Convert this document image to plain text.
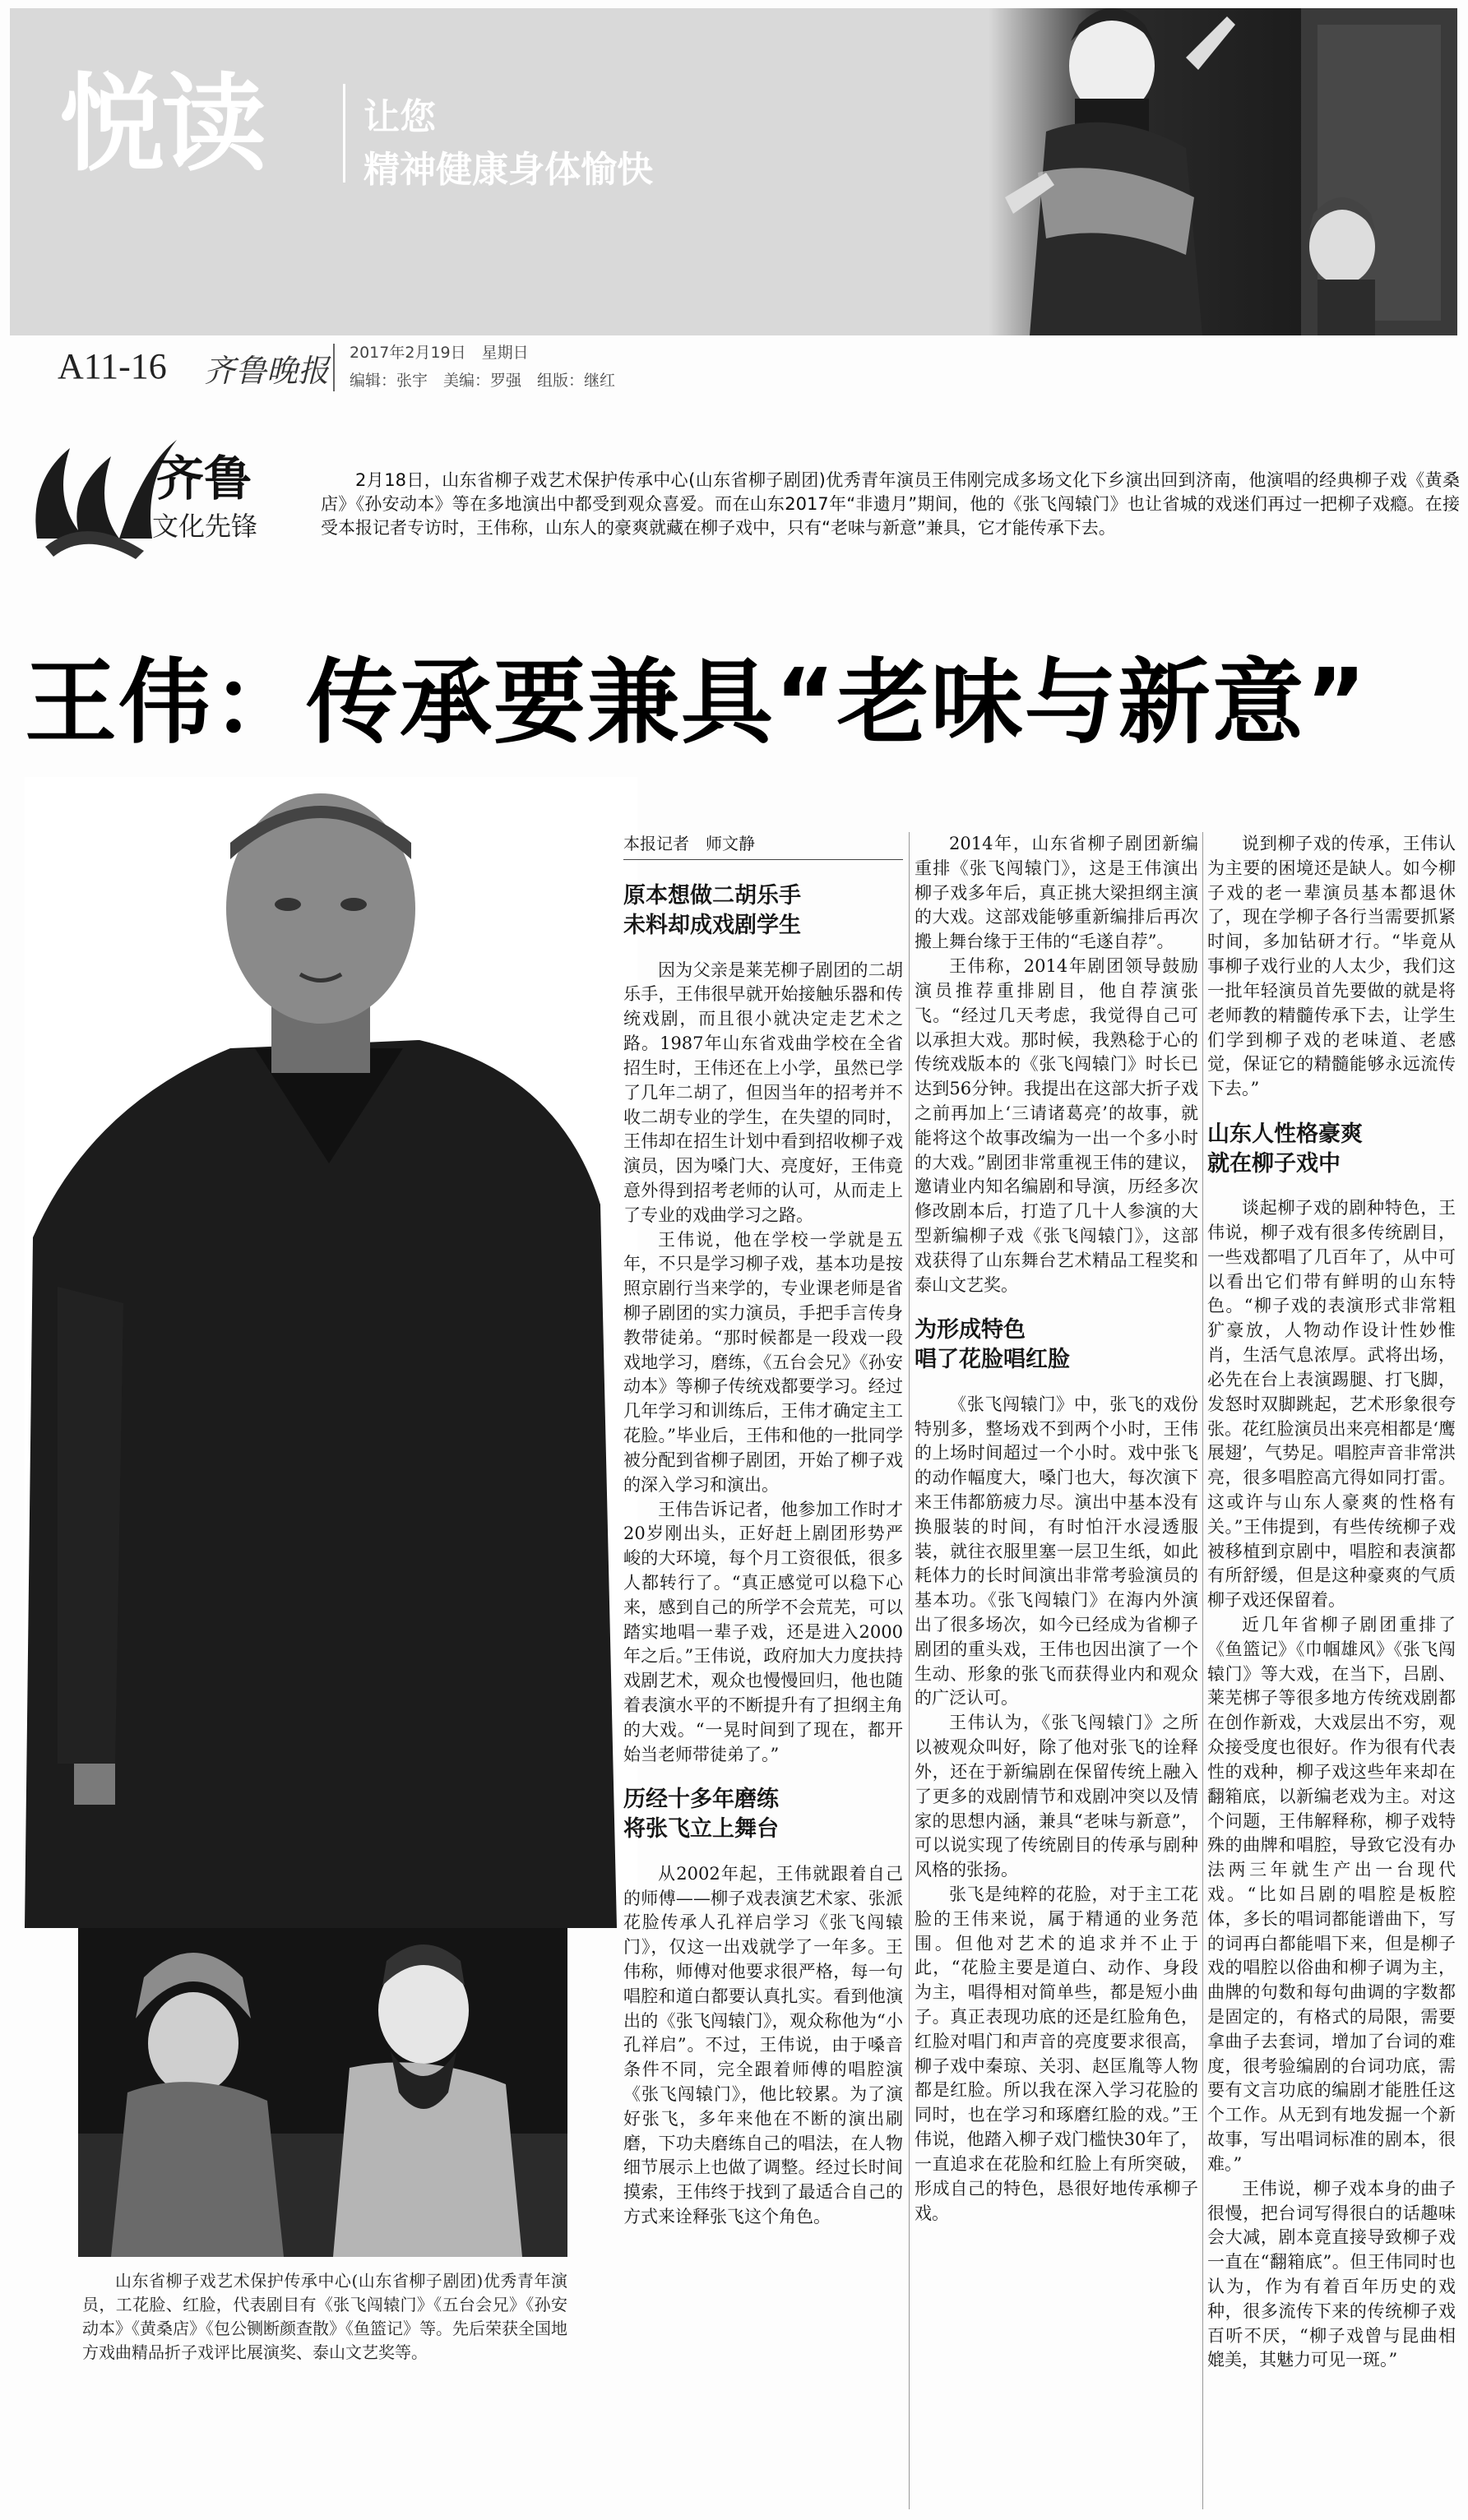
悦读	让您
精神健康身体愉快
A11-16 齐鲁晚报 2017年2月19日　星期日
编辑：张宇　美编：罗强　组版：继红
齐鲁
文化先锋

2月18日，山东省柳子戏艺术保护传承中心(山东省柳子剧团)优秀青年演员王伟刚完成多场文化下乡演出回到济南，他演唱的经典柳子戏《黄桑店》《孙安动本》等在多地演出中都受到观众喜爱。而在山东2017年“非遗月”期间，他的《张飞闯辕门》也让省城的戏迷们再过一把柳子戏瘾。在接受本报记者专访时，王伟称，山东人的豪爽就藏在柳子戏中，只有“老味与新意”兼具，它才能传承下去。

王伟：传承要兼具“老味与新意”

山东省柳子戏艺术保护传承中心(山东省柳子剧团)优秀青年演员，工花脸、红脸，代表剧目有《张飞闯辕门》《五台会兄》《孙安动本》《黄桑店》《包公铡断颜查散》《鱼篮记》等。先后荣获全国地方戏曲精品折子戏评比展演奖、泰山文艺奖等。

本报记者　师文静
原本想做二胡乐手
未料却成戏剧学生

因为父亲是莱芜柳子剧团的二胡乐手，王伟很早就开始接触乐器和传统戏剧，而且很小就决定走艺术之路。1987年山东省戏曲学校在全省招生时，王伟还在上小学，虽然已学了几年二胡了，但因当年的招考并不收二胡专业的学生，在失望的同时，王伟却在招生计划中看到招收柳子戏演员，因为嗓门大、亮度好，王伟竟意外得到招考老师的认可，从而走上了专业的戏曲学习之路。

王伟说，他在学校一学就是五年，不只是学习柳子戏，基本功是按照京剧行当来学的，专业课老师是省柳子剧团的实力演员，手把手言传身教带徒弟。“那时候都是一段戏一段戏地学习，磨练，《五台会兄》《孙安动本》等柳子传统戏都要学习。经过几年学习和训练后，王伟才确定主工花脸。”毕业后，王伟和他的一批同学被分配到省柳子剧团，开始了柳子戏的深入学习和演出。

王伟告诉记者，他参加工作时才20岁刚出头，正好赶上剧团形势严峻的大环境，每个月工资很低，很多人都转行了。“真正感觉可以稳下心来，感到自己的所学不会荒芜，可以踏实地唱一辈子戏，还是进入2000年之后。”王伟说，政府加大力度扶持戏剧艺术，观众也慢慢回归，他也随着表演水平的不断提升有了担纲主角的大戏。“一晃时间到了现在，都开始当老师带徒弟了。”

历经十多年磨练
将张飞立上舞台

从2002年起，王伟就跟着自己的师傅——柳子戏表演艺术家、张派花脸传承人孔祥启学习《张飞闯辕门》，仅这一出戏就学了一年多。王伟称，师傅对他要求很严格，每一句唱腔和道白都要认真扎实。看到他演出的《张飞闯辕门》，观众称他为“小孔祥启”。不过，王伟说，由于嗓音条件不同，完全跟着师傅的唱腔演《张飞闯辕门》，他比较累。为了演好张飞，多年来他在不断的演出刷磨，下功夫磨练自己的唱法，在人物细节展示上也做了调整。经过长时间摸索，王伟终于找到了最适合自己的方式来诠释张飞这个角色。

2014年，山东省柳子剧团新编重排《张飞闯辕门》，这是王伟演出柳子戏多年后，真正挑大梁担纲主演的大戏。这部戏能够重新编排后再次搬上舞台缘于王伟的“毛遂自荐”。

王伟称，2014年剧团领导鼓励演员推荐重排剧目，他自荐演张飞。“经过几天考虑，我觉得自己可以承担大戏。那时候，我熟稔于心的传统戏版本的《张飞闯辕门》时长已达到56分钟。我提出在这部大折子戏之前再加上‘三请诸葛亮’的故事，就能将这个故事改编为一出一个多小时的大戏。”剧团非常重视王伟的建议，邀请业内知名编剧和导演，历经多次修改剧本后，打造了几十人参演的大型新编柳子戏《张飞闯辕门》，这部戏获得了山东舞台艺术精品工程奖和泰山文艺奖。

为形成特色
唱了花脸唱红脸

《张飞闯辕门》中，张飞的戏份特别多，整场戏不到两个小时，王伟的上场时间超过一个小时。戏中张飞的动作幅度大，嗓门也大，每次演下来王伟都筋疲力尽。演出中基本没有换服装的时间，有时怕汗水浸透服装，就往衣服里塞一层卫生纸，如此耗体力的长时间演出非常考验演员的基本功。《张飞闯辕门》在海内外演出了很多场次，如今已经成为省柳子剧团的重头戏，王伟也因出演了一个生动、形象的张飞而获得业内和观众的广泛认可。

王伟认为，《张飞闯辕门》之所以被观众叫好，除了他对张飞的诠释外，还在于新编剧在保留传统上融入了更多的戏剧情节和戏剧冲突以及情家的思想内涵，兼具“老味与新意”，可以说实现了传统剧目的传承与剧种风格的张扬。

张飞是纯粹的花脸，对于主工花脸的王伟来说，属于精通的业务范围。但他对艺术的追求并不止于此，“花脸主要是道白、动作、身段为主，唱得相对简单些，都是短小曲子。真正表现功底的还是红脸角色，红脸对唱门和声音的亮度要求很高，柳子戏中秦琼、关羽、赵匡胤等人物都是红脸。所以我在深入学习花脸的同时，也在学习和琢磨红脸的戏。”王伟说，他踏入柳子戏门槛快30年了，一直追求在花脸和红脸上有所突破，形成自己的特色，恳很好地传承柳子戏。

说到柳子戏的传承，王伟认为主要的困境还是缺人。如今柳子戏的老一辈演员基本都退休了，现在学柳子各行当需要抓紧时间，多加钻研才行。“毕竟从事柳子戏行业的人太少，我们这一批年轻演员首先要做的就是将老师教的精髓传承下去，让学生们学到柳子戏的老味道、老感觉，保证它的精髓能够永远流传下去。”

山东人性格豪爽
就在柳子戏中

谈起柳子戏的剧种特色，王伟说，柳子戏有很多传统剧目，一些戏都唱了几百年了，从中可以看出它们带有鲜明的山东特色。“柳子戏的表演形式非常粗犷豪放，人物动作设计性妙惟肖，生活气息浓厚。武将出场，必先在台上表演踢腿、打飞脚，发怒时双脚跳起，艺术形象很夸张。花红脸演员出来亮相都是‘鹰展翅’，气势足。唱腔声音非常洪亮，很多唱腔高亢得如同打雷。这或许与山东人豪爽的性格有关。”王伟提到，有些传统柳子戏被移植到京剧中，唱腔和表演都有所舒缓，但是这种豪爽的气质柳子戏还保留着。

近几年省柳子剧团重排了《鱼篮记》《巾帼雄风》《张飞闯辕门》等大戏，在当下，吕剧、莱芜梆子等很多地方传统戏剧都在创作新戏，大戏层出不穷，观众接受度也很好。作为很有代表性的戏种，柳子戏这些年来却在翻箱底，以新编老戏为主。对这个问题，王伟解释称，柳子戏特殊的曲牌和唱腔，导致它没有办法两三年就生产出一台现代戏。“比如吕剧的唱腔是板腔体，多长的唱词都能谱曲下，写的词再白都能唱下来，但是柳子戏的唱腔以俗曲和柳子调为主，曲牌的句数和每句曲调的字数都是固定的，有格式的局限，需要拿曲子去套词，增加了台词的难度，很考验编剧的台词功底，需要有文言功底的编剧才能胜任这个工作。从无到有地发掘一个新故事，写出唱词标准的剧本，很难。”

王伟说，柳子戏本身的曲子很慢，把台词写得很白的话趣味会大减，剧本竟直接导致柳子戏一直在“翻箱底”。但王伟同时也认为，作为有着百年历史的戏种，很多流传下来的传统柳子戏百听不厌，“柳子戏曾与昆曲相媲美，其魅力可见一斑。”
